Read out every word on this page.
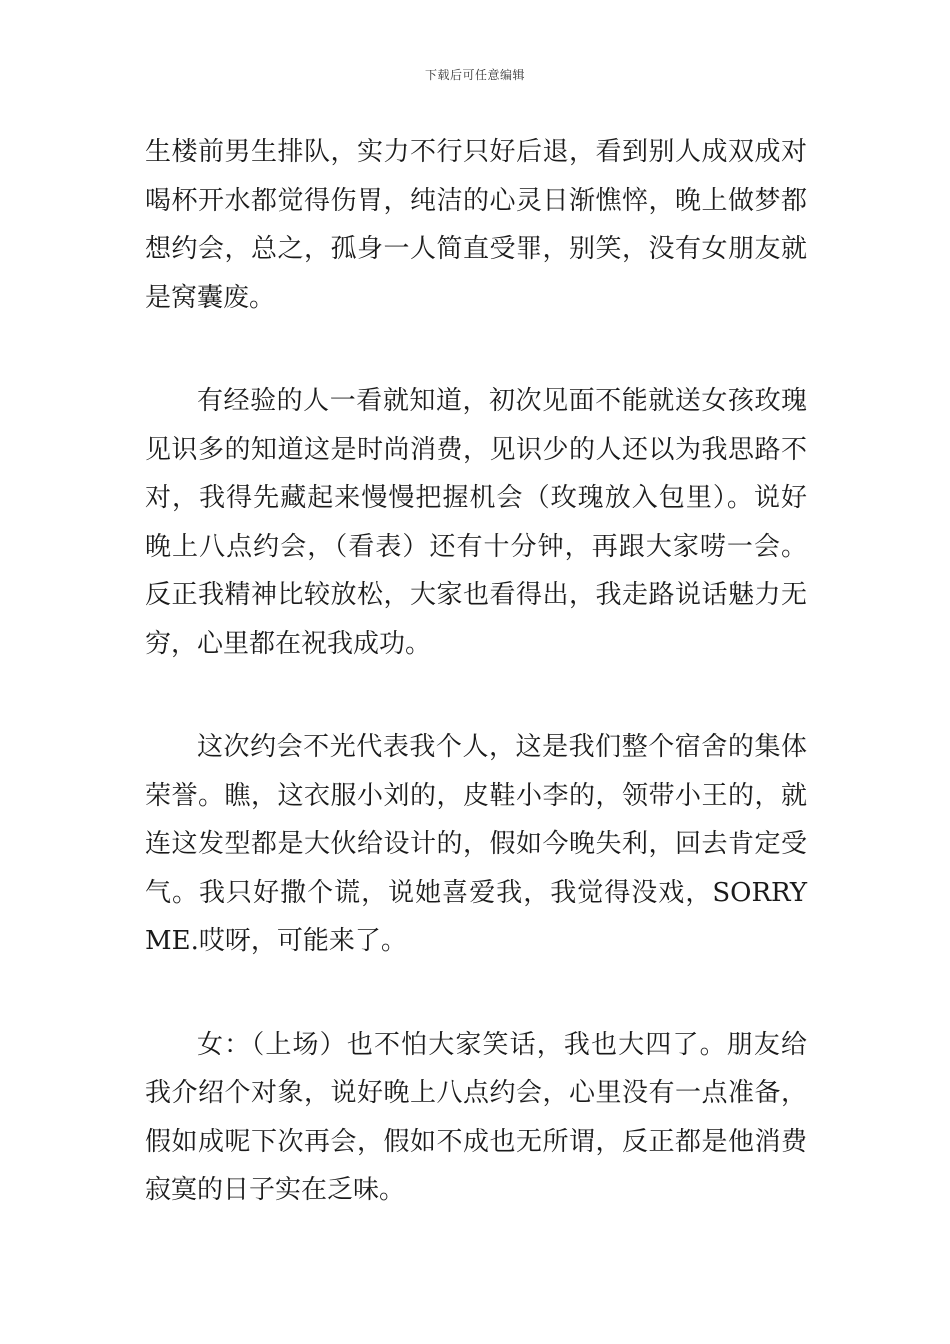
下载后可任意编辑

生楼前男生排队，实力不行只好后退，看到别人成双成对喝杯开水都觉得伤胃，纯洁的心灵日渐憔悴，晚上做梦都想约会，总之，孤身一人简直受罪，别笑，没有女朋友就是窝囊废。

有经验的人一看就知道，初次见面不能就送女孩玫瑰见识多的知道这是时尚消费，见识少的人还以为我思路不对，我得先藏起来慢慢把握机会（玫瑰放入包里）。说好晚上八点约会，（看表）还有十分钟，再跟大家唠一会。反正我精神比较放松，大家也看得出，我走路说话魅力无穷，心里都在祝我成功。

这次约会不光代表我个人，这是我们整个宿舍的集体荣誉。瞧，这衣服小刘的，皮鞋小李的，领带小王的，就连这发型都是大伙给设计的，假如今晚失利，回去肯定受气。我只好撒个谎，说她喜爱我，我觉得没戏，SORRY ME.哎呀，可能来了。

女：（上场）也不怕大家笑话，我也大四了。朋友给我介绍个对象，说好晚上八点约会，心里没有一点准备，假如成呢下次再会，假如不成也无所谓，反正都是他消费寂寞的日子实在乏味。
